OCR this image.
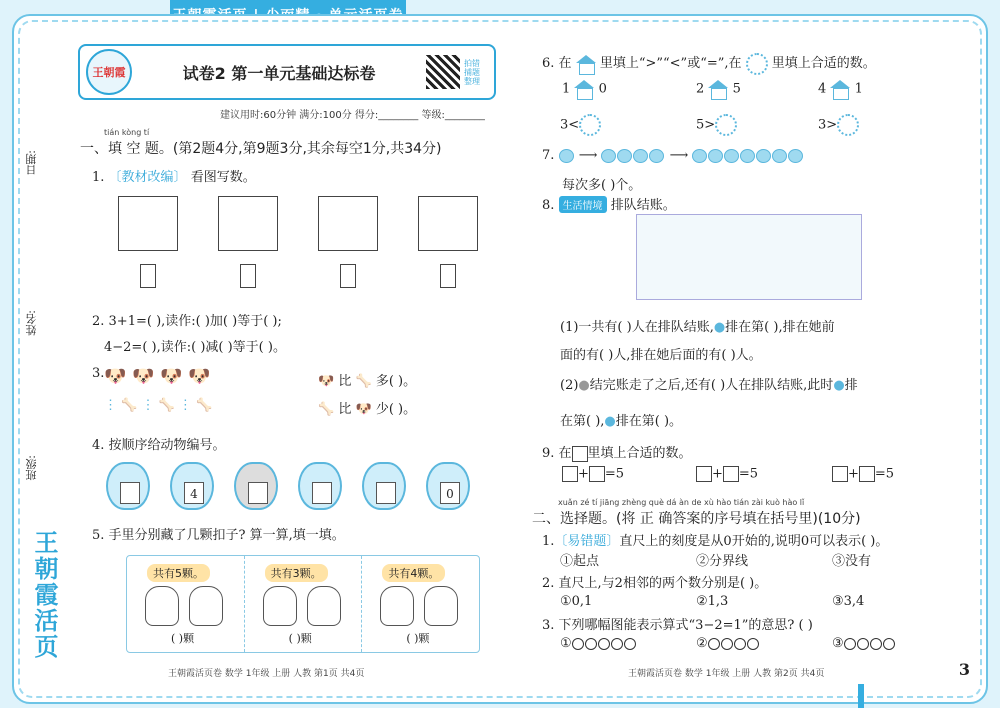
日期:
姓名:
班级:
王朝霞活页
王朝霞	试卷2 第一单元基础达标卷
拍错 捕题 整理
建议用时:60分钟 满分:100分 得分:________ 等级:________
tián kòng tí
一、填 空 题。(第2题4分,第9题3分,其余每空1分,共34分)
1. 〔教材改编〕 看图写数。
2. 3+1=( ),读作:( )加( )等于( );
4−2=( ),读作:( )减( )等于( )。
3. 🐶 🐶 🐶 🐶
⋮ 🦴 ⋮ 🦴 ⋮ 🦴
🐶 比 🦴 多( )。
🦴 比 🐶 少( )。
4. 按顺序给动物编号。
4	0
5. 手里分别藏了几颗扣子? 算一算,填一填。
共有5颗。
( )颗
共有3颗。
( )颗
共有4颗。
( )颗
6. 在 里填上“>”“<”或“=”,在 里填上合适的数。
1 0	2 5	4 1
3<	5>	3>
7. ⟶	⟶
每次多( )个。
8. 生活情境 排队结账。
(1)一共有( )人在排队结账,●排在第( ),排在她前
面的有( )人,排在她后面的有( )人。
(2)●结完账走了之后,还有( )人在排队结账,此时●排
在第( ),●排在第( )。
9. 在 里填上合适的数。
+ =5	+ =5	+ =5
xuǎn zé tí jiāng zhèng què dá àn de xù hào tián zài kuò hào lǐ
二、选择题。(将 正 确答案的序号填在括号里)(10分)
1.〔易错题〕直尺上的刻度是从0开始的,说明0可以表示( )。
①起点	②分界线	③没有
2. 直尺上,与2相邻的两个数分别是( )。
①0,1	②1,3	③3,4
3. 下列哪幅图能表示算式“3−2=1”的意思? ( )
①	②	③
王朝霞活页卷 数学 1年级 上册 人教 第1页 共4页	王朝霞活页卷 数学 1年级 上册 人教 第2页 共4页	3
